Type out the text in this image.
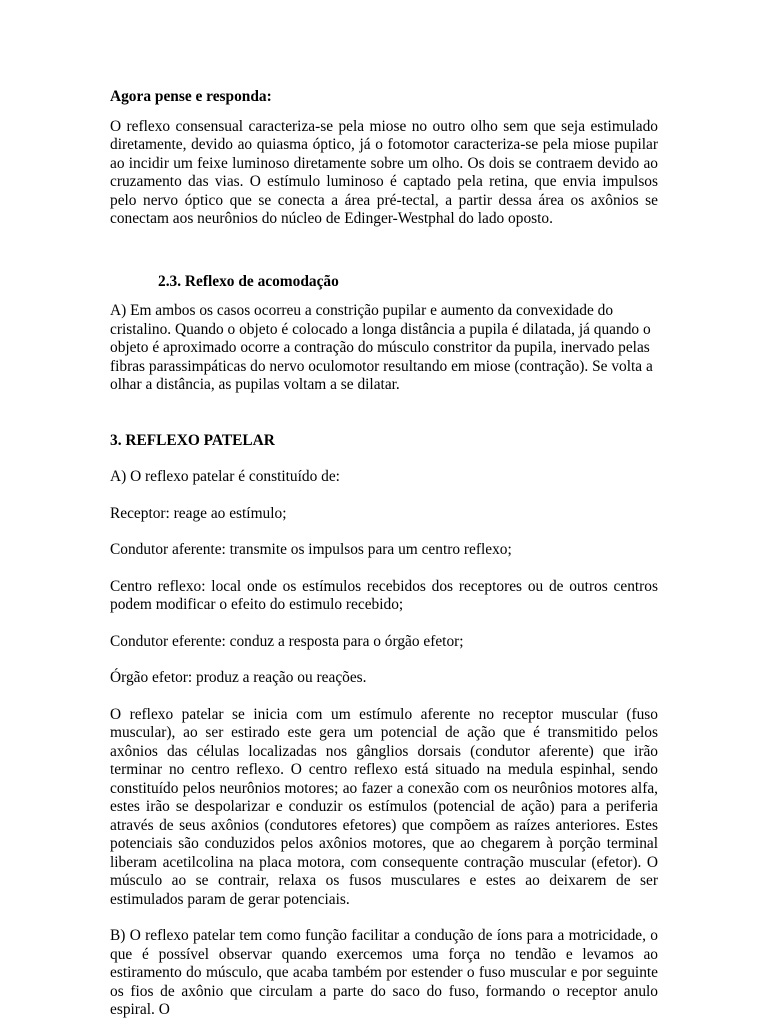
Agora pense e responda:

O reflexo consensual caracteriza-se pela miose no outro olho sem que seja estimulado diretamente, devido ao quiasma óptico, já o fotomotor caracteriza-se pela miose pupilar ao incidir um feixe luminoso diretamente sobre um olho. Os dois se contraem devido ao cruzamento das vias. O estímulo luminoso é captado pela retina, que envia impulsos pelo nervo óptico que se conecta a área pré-tectal, a partir dessa área os axônios se conectam aos neurônios do núcleo de Edinger-Westphal do lado oposto.

2.3. Reflexo de acomodação

A) Em ambos os casos ocorreu a constrição pupilar e aumento da convexidade do cristalino. Quando o objeto é colocado a longa distância a pupila é dilatada, já quando o objeto é aproximado ocorre a contração do músculo constritor da pupila, inervado pelas fibras parassimpáticas do nervo oculomotor resultando em miose (contração). Se volta a olhar a distância, as pupilas voltam a se dilatar.

3. REFLEXO PATELAR

A) O reflexo patelar é constituído de:

Receptor: reage ao estímulo;

Condutor aferente: transmite os impulsos para um centro reflexo;

Centro reflexo: local onde os estímulos recebidos dos receptores ou de outros centros podem modificar o efeito do estimulo recebido;

Condutor eferente: conduz a resposta para o órgão efetor;

Órgão efetor: produz a reação ou reações.

O reflexo patelar se inicia com um estímulo aferente no receptor muscular (fuso muscular), ao ser estirado este gera um potencial de ação que é transmitido pelos axônios das células localizadas nos gânglios dorsais (condutor aferente) que irão terminar no centro reflexo. O centro reflexo está situado na medula espinhal, sendo constituído pelos neurônios motores; ao fazer a conexão com os neurônios motores alfa, estes irão se despolarizar e conduzir os estímulos (potencial de ação) para a periferia através de seus axônios (condutores efetores) que compõem as raízes anteriores. Estes potenciais são conduzidos pelos axônios motores, que ao chegarem à porção terminal liberam acetilcolina na placa motora, com consequente contração muscular (efetor). O músculo ao se contrair, relaxa os fusos musculares e estes ao deixarem de ser estimulados param de gerar potenciais.

B) O reflexo patelar tem como função facilitar a condução de íons para a motricidade, o que é possível observar quando exercemos uma força no tendão e levamos ao estiramento do músculo, que acaba também por estender o fuso muscular e por seguinte os fios de axônio que circulam a parte do saco do fuso, formando o receptor anulo espiral. O
